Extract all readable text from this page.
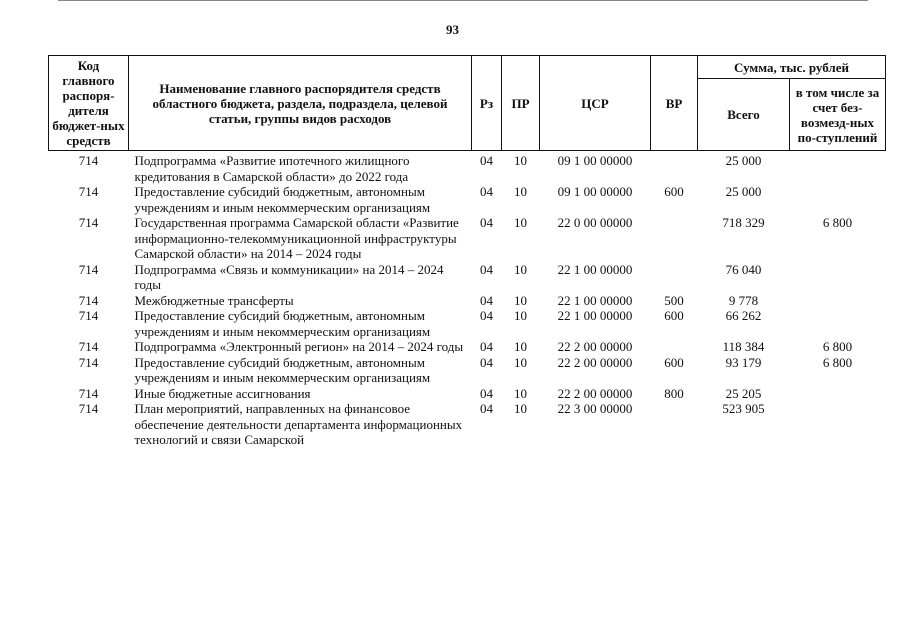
93
Код главного распоря-дителя бюджет-ных средств	Наименование главного распорядителя средств областного бюджета, раздела, подраздела, целевой статьи, группы видов расходов	Рз	ПР	ЦСР	ВР	Сумма, тыс. рублей	
						Всего	в том числе за счет без-возмезд-ных по-ступлений
714	Подпрограмма «Развитие ипотечного жилищного кредитования в Самарской области» до 2022 года	04	10	09 1 00 00000		25 000	
714	Предоставление субсидий бюджетным, автономным учреждениям и иным некоммерческим организациям	04	10	09 1 00 00000	600	25 000	
714	Государственная программа Самарской области «Развитие информационно-телекоммуникационной инфраструктуры Самарской области» на 2014 – 2024 годы	04	10	22 0 00 00000		718 329	6 800
714	Подпрограмма «Связь и коммуникации» на 2014 – 2024 годы	04	10	22 1 00 00000		76 040	
714	Межбюджетные трансферты	04	10	22 1 00 00000	500	9 778	
714	Предоставление субсидий бюджетным, автономным учреждениям и иным некоммерческим организациям	04	10	22 1 00 00000	600	66 262	
714	Подпрограмма «Электронный регион» на 2014 – 2024 годы	04	10	22 2 00 00000		118 384	6 800
714	Предоставление субсидий бюджетным, автономным учреждениям и иным некоммерческим организациям	04	10	22 2 00 00000	600	93 179	6 800
714	Иные бюджетные ассигнования	04	10	22 2 00 00000	800	25 205	
714	План мероприятий, направленных на финансовое обеспечение деятельности департамента информационных технологий и связи Самарской	04	10	22 3 00 00000		523 905	
